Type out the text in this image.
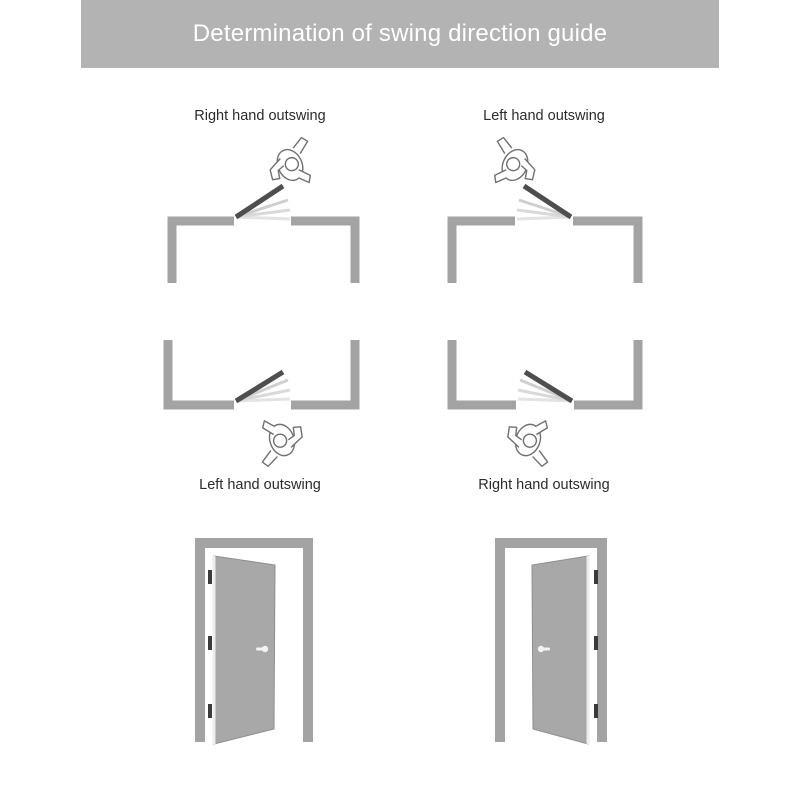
Determination of swing direction guide
Right hand outswing	Left hand outswing
Left hand outswing	Right hand outswing
